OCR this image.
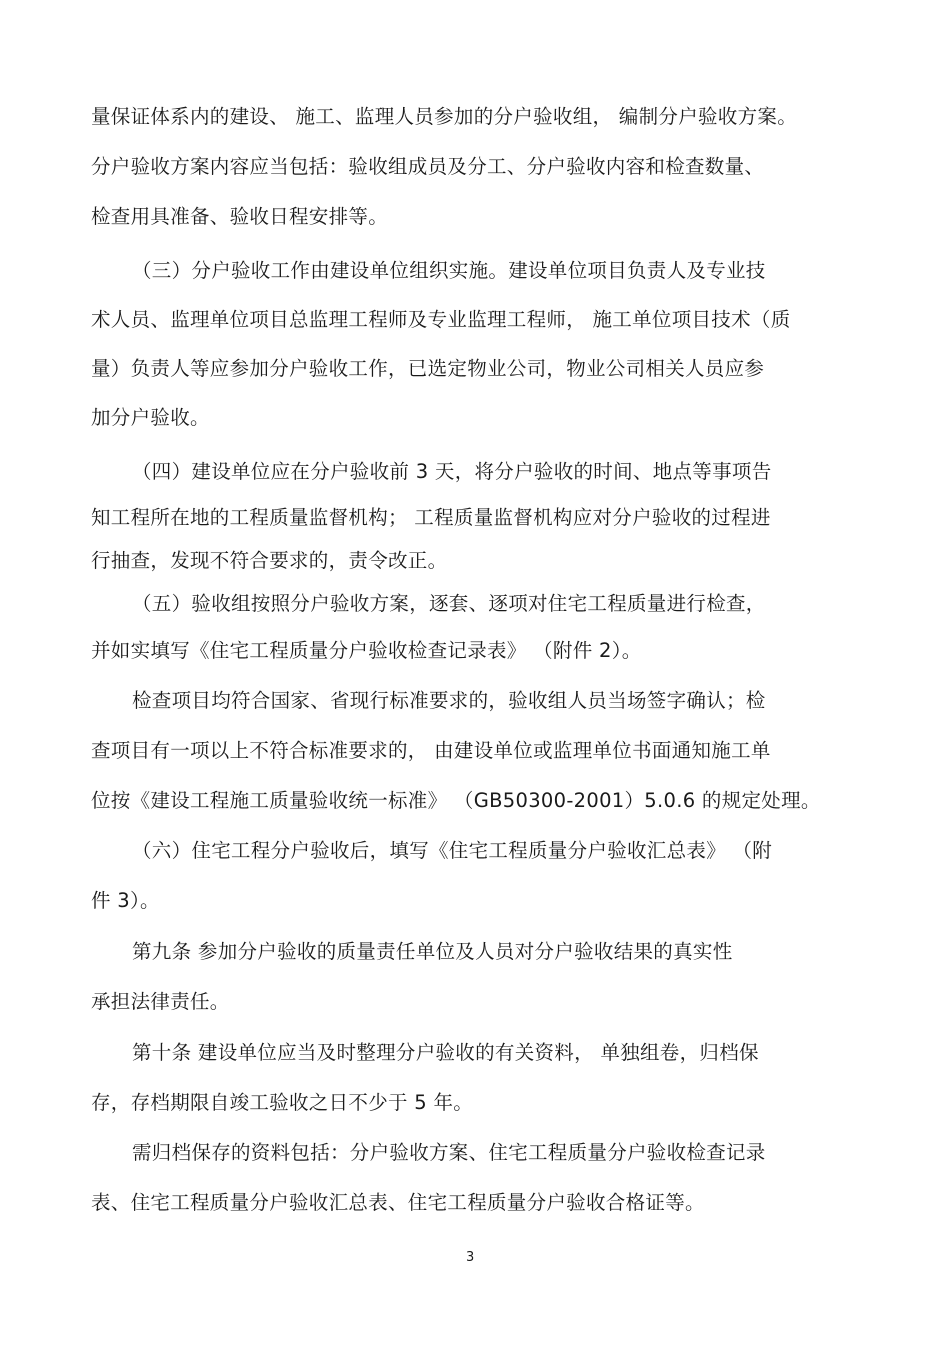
量保证体系内的建设、 施工、监理人员参加的分户验收组， 编制分户验收方案。
分户验收方案内容应当包括：验收组成员及分工、分户验收内容和检查数量、
检查用具准备、验收日程安排等。
（三）分户验收工作由建设单位组织实施。建设单位项目负责人及专业技
术人员、监理单位项目总监理工程师及专业监理工程师， 施工单位项目技术（质
量）负责人等应参加分户验收工作，已选定物业公司，物业公司相关人员应参
加分户验收。
（四）建设单位应在分户验收前 3 天，将分户验收的时间、地点等事项告
知工程所在地的工程质量监督机构； 工程质量监督机构应对分户验收的过程进
行抽查，发现不符合要求的，责令改正。
（五）验收组按照分户验收方案，逐套、逐项对住宅工程质量进行检查，
并如实填写《住宅工程质量分户验收检查记录表》 （附件 2）。
检查项目均符合国家、省现行标准要求的，验收组人员当场签字确认；检
查项目有一项以上不符合标准要求的， 由建设单位或监理单位书面通知施工单
位按《建设工程施工质量验收统一标准》 （GB50300-2001）5.0.6 的规定处理。
（六）住宅工程分户验收后，填写《住宅工程质量分户验收汇总表》 （附
件 3）。
第九条 参加分户验收的质量责任单位及人员对分户验收结果的真实性
承担法律责任。
第十条 建设单位应当及时整理分户验收的有关资料， 单独组卷，归档保
存，存档期限自竣工验收之日不少于 5 年。
需归档保存的资料包括：分户验收方案、住宅工程质量分户验收检查记录
表、住宅工程质量分户验收汇总表、住宅工程质量分户验收合格证等。
3
